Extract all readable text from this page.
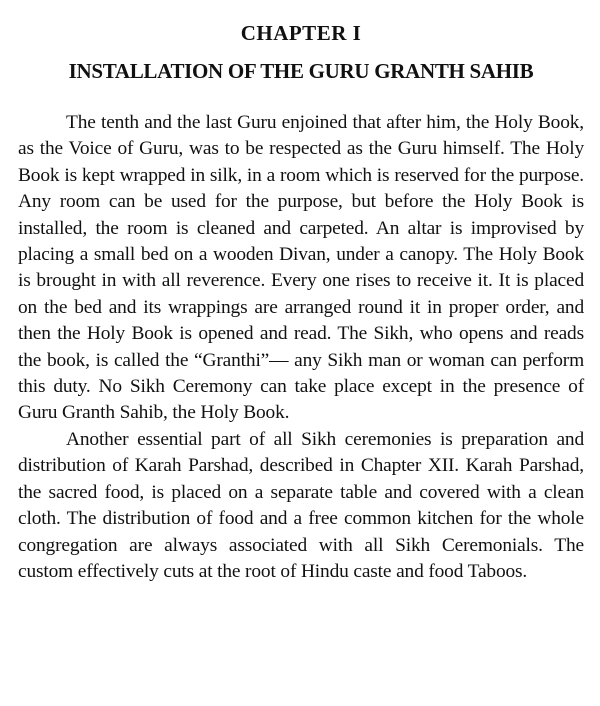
CHAPTER I
INSTALLATION OF THE GURU GRANTH SAHIB

The tenth and the last Guru enjoined that after him, the Holy Book, as the Voice of Guru, was to be respected as the Guru himself. The Holy Book is kept wrapped in silk, in a room which is reserved for the purpose. Any room can be used for the purpose, but before the Holy Book is installed, the room is cleaned and carpeted. An altar is improvised by placing a small bed on a wooden Divan, under a canopy. The Holy Book is brought in with all reverence. Every one rises to receive it. It is placed on the bed and its wrappings are arranged round it in proper order, and then the Holy Book is opened and read. The Sikh, who opens and reads the book, is called the “Granthi”— any Sikh man or woman can perform this duty. No Sikh Ceremony can take place except in the presence of Guru Granth Sahib, the Holy Book.

Another essential part of all Sikh ceremonies is preparation and distribution of Karah Parshad, described in Chapter XII. Karah Parshad, the sacred food, is placed on a separate table and covered with a clean cloth. The distribution of food and a free common kitchen for the whole congregation are always associated with all Sikh Ceremonials. The custom effectively cuts at the root of Hindu caste and food Taboos.
